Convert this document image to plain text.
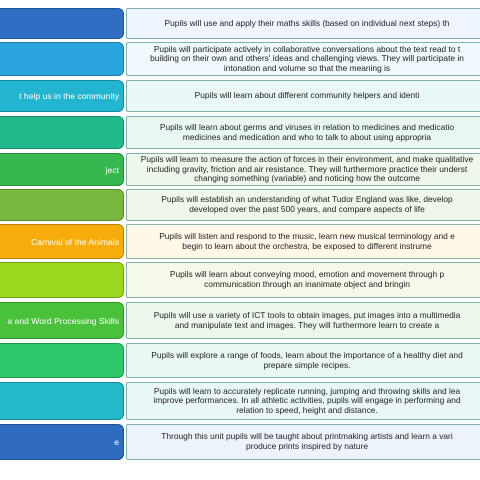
Pupils will use and apply their maths skills (based on individual next steps) th
Pupils will participate actively in collaborative conversations about the text read to t
building on their own and others' ideas and challenging views. They will participate in
intonation and volume so that the meaning is
t help us in the community	Pupils will learn about different community helpers and identi
Pupils will learn about germs and viruses in relation to medicines and medicatio
medicines and medication and who to talk to about using appropria
ject
Pupils will learn to measure the action of forces in their environment, and make qualitative
including gravity, friction and air resistance. They will furthermore practice their underst
changing something (variable) and noticing how the outcome
Pupils will establish an understanding of what Tudor England was like, develop
developed over the past 500 years, and compare aspects of life
Carnival of the Animals
Pupils will listen and respond to the music, learn new musical terminology and e
begin to learn about the orchestra, be exposed to different instrume
Pupils will learn about conveying mood, emotion and movement through p
communication through an inanimate object and bringin
a and Word Processing Skills
Pupils will use a variety of ICT tools to obtain images, put images into a multimedia
and manipulate text and images. They will furthermore learn to create a
Pupils will explore a range of foods, learn about the importance of a healthy diet and
prepare simple recipes.
Pupils will learn to accurately replicate running, jumping and throwing skills and lea
improve performances. In all athletic activities, pupils will engage in performing and
relation to speed, height and distance.
e
Through this unit pupils will be taught about printmaking artists and learn a vari
produce prints inspired by nature
